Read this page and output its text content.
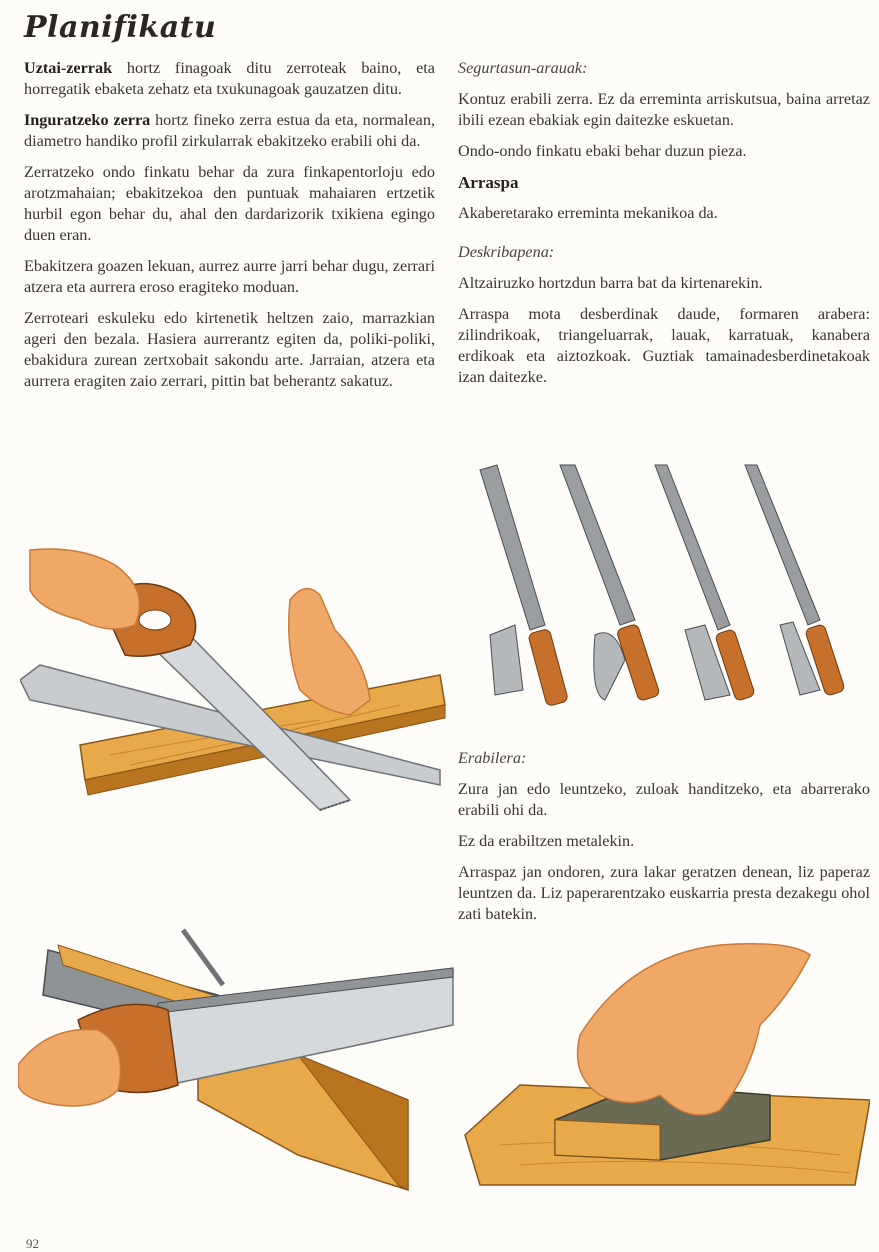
Planifikatu

Uztai-zerrak hortz finagoak ditu zerroteak baino, eta horregatik ebaketa zehatz eta txukunagoak gauzatzen ditu.

Inguratzeko zerra hortz fineko zerra estua da eta, normalean, diametro handiko profil zirkularrak ebakitzeko erabili ohi da.

Zerratzeko ondo finkatu behar da zura finkapentorloju edo arotzmahaian; ebakitzekoa den puntuak mahaiaren ertzetik hurbil egon behar du, ahal den dardarizorik txikiena egingo duen eran.

Ebakitzera goazen lekuan, aurrez aurre jarri behar dugu, zerrari atzera eta aurrera eroso eragiteko moduan.

Zerroteari eskuleku edo kirtenetik heltzen zaio, marrazkian ageri den bezala. Hasiera aurrerantz egiten da, poliki-poliki, ebakidura zurean zertxobait sakondu arte. Jarraian, atzera eta aurrera eragiten zaio zerrari, pittin bat beherantz sakatuz.

Segurtasun-arauak:

Kontuz erabili zerra. Ez da erreminta arriskutsua, baina arretaz ibili ezean ebakiak egin daitezke eskuetan.

Ondo-ondo finkatu ebaki behar duzun pieza.

Arraspa

Akaberetarako erreminta mekanikoa da.

Deskribapena:

Altzairuzko hortzdun barra bat da kirtenarekin.

Arraspa mota desberdinak daude, formaren arabera: zilindrikoak, triangeluarrak, lauak, karratuak, kanabera erdikoak eta aiztozkoak. Guztiak tamainadesberdinetakoak izan daitezke.

Erabilera:

Zura jan edo leuntzeko, zuloak handitzeko, eta abarrerako erabili ohi da.

Ez da erabiltzen metalekin.

Arraspaz jan ondoren, zura lakar geratzen denean, liz paperaz leuntzen da. Liz paperarentzako euskarria presta dezakegu ohol zati batekin.

92
